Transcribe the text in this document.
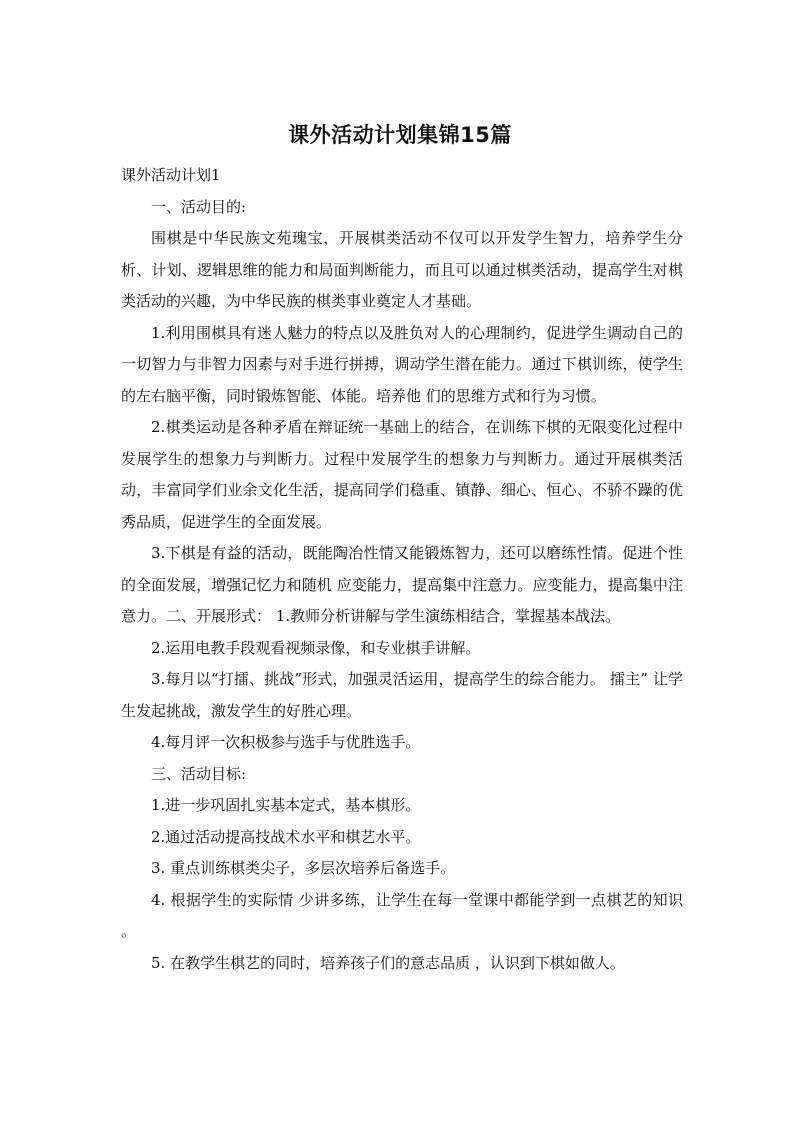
课外活动计划集锦15篇

课外活动计划1

一、活动目的:

围棋是中华民族文苑瑰宝，开展棋类活动不仅可以开发学生智力，培养学生分析、计划、逻辑思维的能力和局面判断能力，而且可以通过棋类活动，提高学生对棋类活动的兴趣，为中华民族的棋类事业奠定人才基础。

1.利用围棋具有迷人魅力的特点以及胜负对人的心理制约，促进学生调动自己的一切智力与非智力因素与对手进行拼搏，调动学生潜在能力。通过下棋训练，使学生的左右脑平衡，同时锻炼智能、体能。培养他 们的思维方式和行为习惯。

2.棋类运动是各种矛盾在辩证统一基础上的结合，在训练下棋的无限变化过程中发展学生的想象力与判断力。过程中发展学生的想象力与判断力。通过开展棋类活动，丰富同学们业余文化生活，提高同学们稳重、镇静、细心、恒心、不骄不躁的优秀品质，促进学生的全面发展。

3.下棋是有益的活动，既能陶冶性情又能锻炼智力，还可以磨练性情。促进个性的全面发展，增强记忆力和随机 应变能力，提高集中注意力。应变能力，提高集中注意力。二、开展形式： 1.教师分析讲解与学生演练相结合，掌握基本战法。

2.运用电教手段观看视频录像，和专业棋手讲解。

3.每月以“打擂、挑战”形式，加强灵活运用，提高学生的综合能力。 擂主” 让学生发起挑战，激发学生的好胜心理。

4.每月评一次积极参与选手与优胜选手。

三、活动目标:

1.进一步巩固扎实基本定式，基本棋形。

2.通过活动提高技战术水平和棋艺水平。

3. 重点训练棋类尖子，多层次培养后备选手。

4. 根据学生的实际情 少讲多练，让学生在每一堂课中都能学到一点棋艺的知识 。

5. 在教学生棋艺的同时，培养孩子们的意志品质 ，认识到下棋如做人。
